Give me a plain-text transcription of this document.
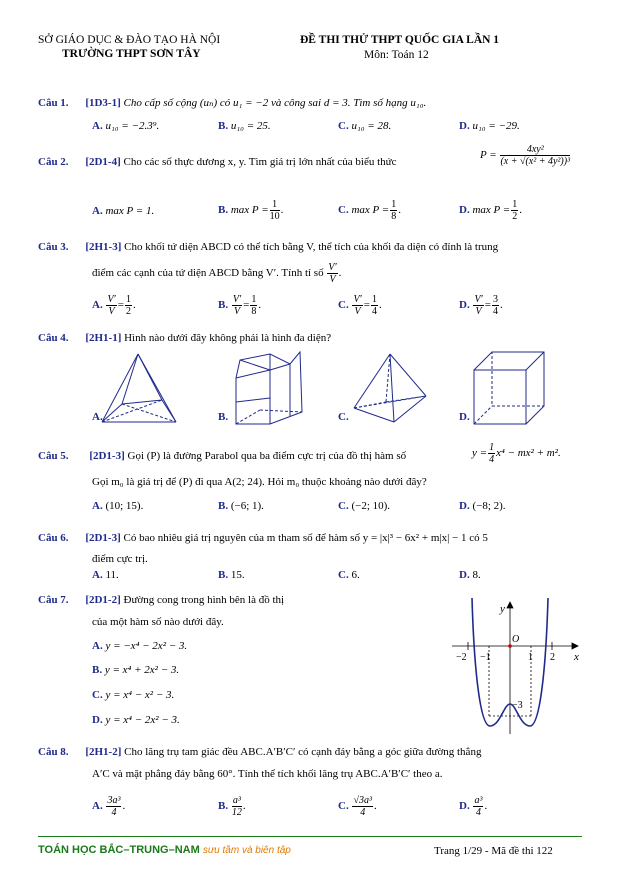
SỞ GIÁO DỤC & ĐÀO TẠO HÀ NỘI
TRƯỜNG THPT SƠN TÂY
ĐỀ THI THỬ THPT QUỐC GIA LẦN 1
Môn: Toán 12
Câu 1. [1D3-1] Cho cấp số cộng (uₙ) có u₁ = −2 và công sai d = 3. Tìm số hạng u₁₀.
A. u₁₀ = −2.3⁹.	B. u₁₀ = 25.	C. u₁₀ = 28.	D. u₁₀ = −29.
Câu 2. [2D1-4] Cho các số thực dương x, y. Tìm giá trị lớn nhất của biểu thức
$P = \frac{\text{4xy²}}{\text{(x + √(x² + 4y²))³}}$
A. max P = 1.	B. $\max P = \frac{1}{10}$ .	C. $\max P = \frac{1}{8}$ .	D. $\max P = \frac{1}{2}$ .
Câu 3. [2H1-3] Cho khối tứ diện ABCD có thể tích bằng V, thể tích của khối đa diện có đỉnh là trung
điểm các cạnh của tứ diện ABCD bằng V′. Tính tỉ số $\frac{V'}{V}$ .
A. $\frac{V'}{V} = \frac{1}{2}$ .	B. $\frac{V'}{V} = \frac{1}{8}$ .	C. $\frac{V'}{V} = \frac{1}{4}$ .	D. $\frac{V'}{V} = \frac{3}{4}$ .
Câu 4. [2H1-1] Hình nào dưới đây không phải là hình đa diện?
A.	B.	C.	D.
Câu 5. [2D1-3] Gọi (P) là đường Parabol qua ba điểm cực trị của đồ thị hàm số	$y = \frac{1}{4} x^4 - mx^2 + m^2$.
Gọi m₀ là giá trị để (P) đi qua A(2; 24). Hỏi m₀ thuộc khoảng nào dưới đây?
A. (10; 15).	B. (−6; 1).	C. (−2; 10).	D. (−8; 2).
Câu 6. [2D1-3] Có bao nhiêu giá trị nguyên của m tham số để hàm số y = |x|³ − 6x² + m|x| − 1 có 5
điểm cực trị.
A. 11.	B. 15.	C. 6.	D. 8.
Câu 7. [2D1-2] Đường cong trong hình bên là đồ thị
của một hàm số nào dưới đây.
A. y = −x⁴ − 2x² − 3.
B. y = x⁴ + 2x² − 3.
C. y = x⁴ − x² − 3.
D. y = x⁴ − 2x² − 3.
y
x
O
−2 −1	1 2
−3
Câu 8. [2H1-2] Cho lăng trụ tam giác đều ABC.A′B′C′ có cạnh đáy bằng a góc giữa đường thẳng
A′C và mặt phẳng đáy bằng 60°. Tính thể tích khối lăng trụ ABC.A′B′C′ theo a.
A. $\frac{\text{3a³}}{4}$ .	B. $\frac{\text{a³}}{12}$ .	C. $\frac{\text{√3a³}}{4}$ .	D. $\frac{\text{a³}}{4}$ .
TOÁN HỌC BẮC–TRUNG–NAM sưu tầm và biên tập	Trang 1/29 - Mã đề thi 122
